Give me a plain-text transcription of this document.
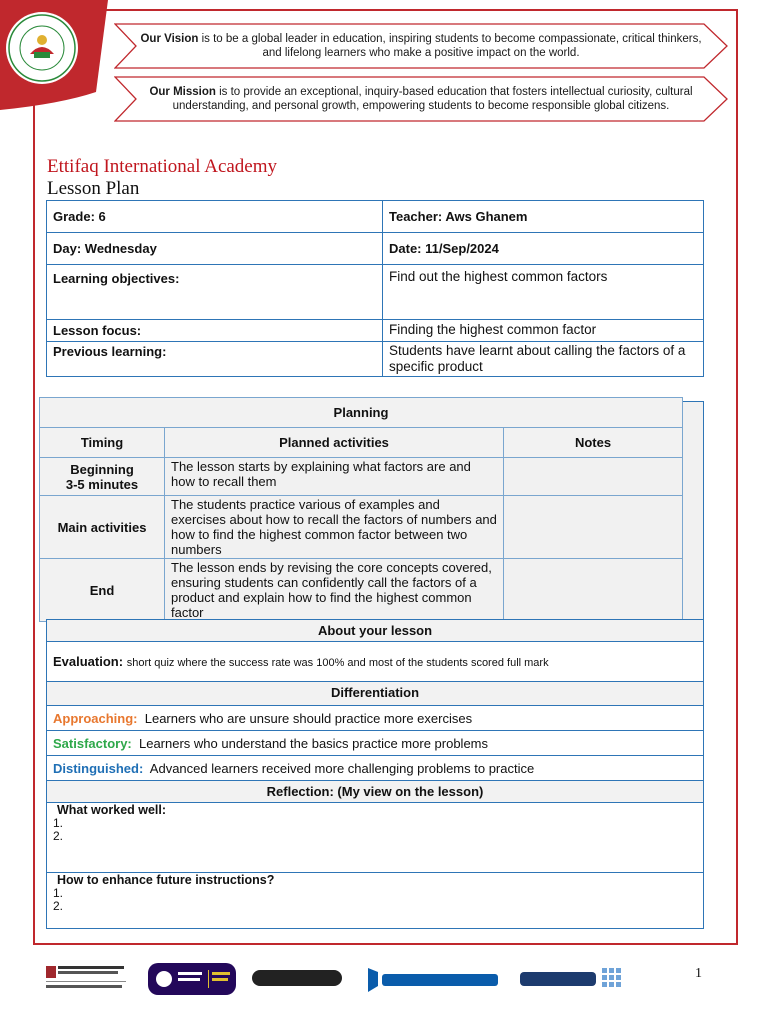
Our Vision is to be a global leader in education, inspiring students to become compassionate, critical thinkers, and lifelong learners who make a positive impact on the world.
Our Mission is to provide an exceptional, inquiry-based education that fosters intellectual curiosity, cultural understanding, and personal growth, empowering students to become responsible global citizens.
Ettifaq International Academy
Lesson Plan
Grade: 6	Teacher: Aws Ghanem
Day: Wednesday	Date: 11/Sep/2024
Learning objectives:	Find out the highest common factors
Lesson focus:	Finding the highest common factor
Previous learning:	Students have learnt about calling the factors of a specific product
Planning		
Timing	Planned activities	Notes
Beginning
3-5 minutes	The lesson starts by explaining what factors are and how to recall them	
Main activities	The students practice various of examples and exercises about how to recall the factors of numbers and how to find the highest common factor between two numbers	
End	The lesson ends by revising the core concepts covered, ensuring students can confidently call the factors of a product and explain how to find the highest common factor	
About your lesson
Evaluation: short quiz where the success rate was 100% and most of the students scored full mark
Differentiation
Approaching: Learners who are unsure should practice more exercises
Satisfactory: Learners who understand the basics practice more problems
Distinguished: Advanced learners received more challenging problems to practice
Reflection: (My view on the lesson)

What worked well:
1.
2.

How to enhance future instructions?
1.
2.
1
